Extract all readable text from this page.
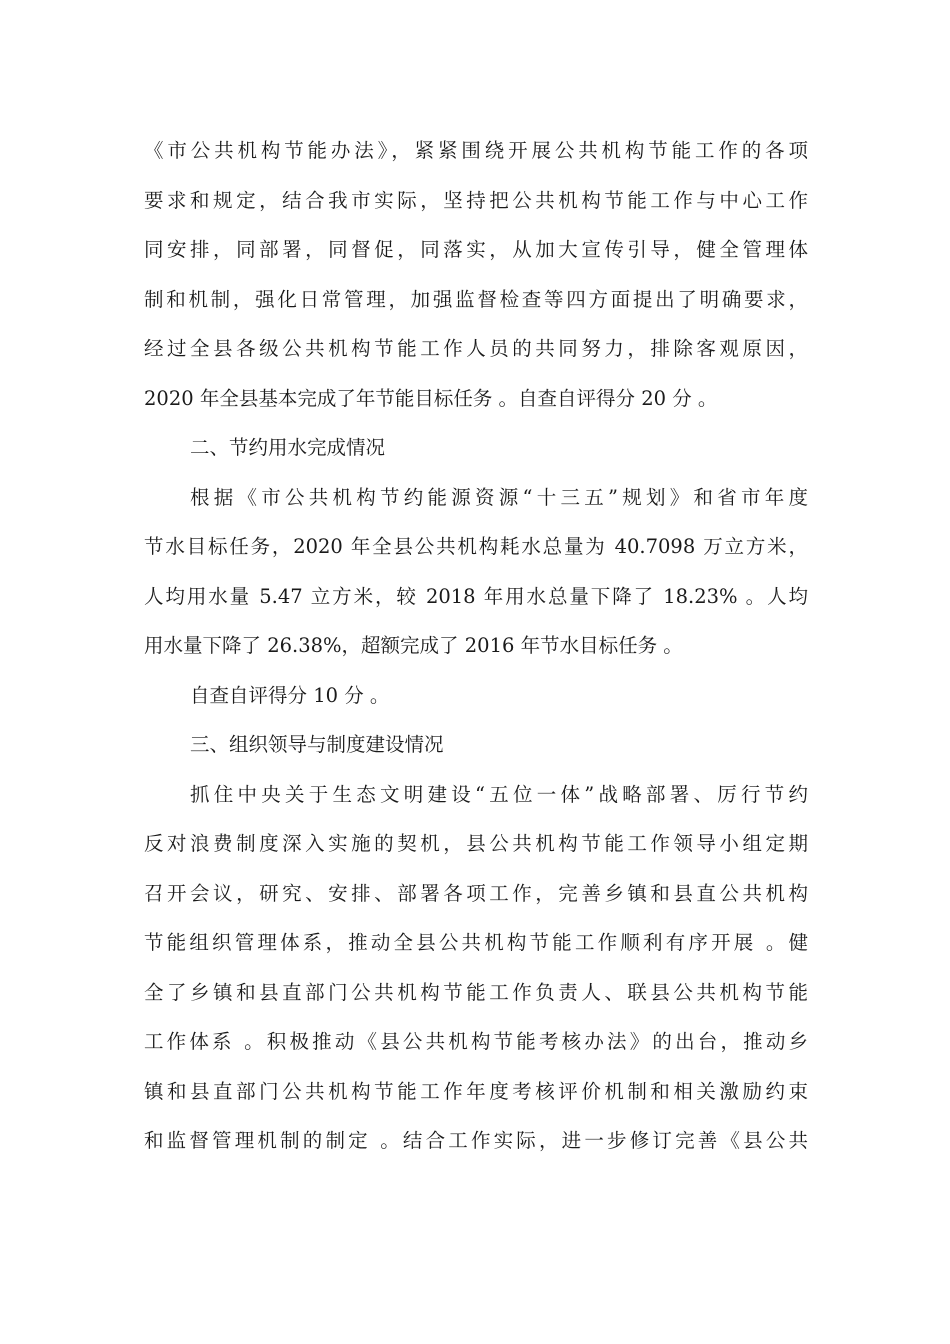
《市公共机构节能办法》，紧紧围绕开展公共机构节能工作的各项
要求和规定，结合我市实际，坚持把公共机构节能工作与中心工作
同安排，同部署，同督促，同落实，从加大宣传引导，健全管理体
制和机制，强化日常管理，加强监督检查等四方面提出了明确要求，
经过全县各级公共机构节能工作人员的共同努力，排除客观原因，
2020 年全县基本完成了年节能目标任务 。自查自评得分 20 分 。
二、节约用水完成情况
根据《市公共机构节约能源资源“十三五”规划》和省市年度
节水目标任务，2020 年全县公共机构耗水总量为 40.7098 万立方米，
人均用水量 5.47 立方米，较 2018 年用水总量下降了 18.23% 。人均
用水量下降了 26.38%，超额完成了 2016 年节水目标任务 。
自查自评得分 10 分 。
三、组织领导与制度建设情况
抓住中央关于生态文明建设“五位一体”战略部署、厉行节约
反对浪费制度深入实施的契机，县公共机构节能工作领导小组定期
召开会议，研究、安排、部署各项工作，完善乡镇和县直公共机构
节能组织管理体系，推动全县公共机构节能工作顺利有序开展 。健
全了乡镇和县直部门公共机构节能工作负责人、联县公共机构节能
工作体系 。积极推动《县公共机构节能考核办法》的出台，推动乡
镇和县直部门公共机构节能工作年度考核评价机制和相关激励约束
和监督管理机制的制定 。结合工作实际，进一步修订完善《县公共
